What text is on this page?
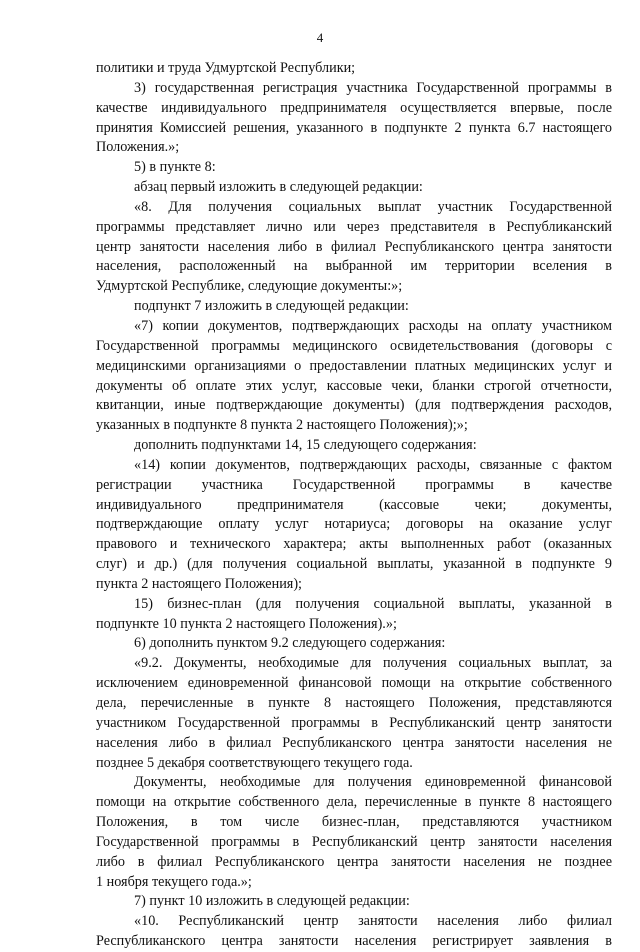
4
политики и труда Удмуртской Республики;
3) государственная регистрация участника Государственной программы в
качестве индивидуального предпринимателя осуществляется впервые, после
принятия Комиссией решения, указанного в подпункте 2 пункта 6.7 настоящего
Положения.»;
5) в пункте 8:
абзац первый изложить в следующей редакции:
«8. Для получения социальных выплат участник Государственной
программы представляет лично или через представителя в Республиканский
центр занятости населения либо в филиал Республиканского центра занятости
населения, расположенный на выбранной им территории вселения в
Удмуртской Республике, следующие документы:»;
подпункт 7 изложить в следующей редакции:
«7) копии документов, подтверждающих расходы на оплату участником
Государственной программы медицинского освидетельствования (договоры с
медицинскими организациями о предоставлении платных медицинских услуг и
документы об оплате этих услуг, кассовые чеки, бланки строгой отчетности,
квитанции, иные подтверждающие документы) (для подтверждения расходов,
указанных в подпункте 8 пункта 2 настоящего Положения);»;
дополнить подпунктами 14, 15 следующего содержания:
«14) копии документов, подтверждающих расходы, связанные с фактом
регистрации участника Государственной программы в качестве
индивидуального предпринимателя (кассовые чеки; документы,
подтверждающие оплату услуг нотариуса; договоры на оказание услуг
правового и технического характера; акты выполненных работ (оказанных
слуг) и др.) (для получения социальной выплаты, указанной в подпункте 9
пункта 2 настоящего Положения);
15) бизнес-план (для получения социальной выплаты, указанной в
подпункте 10 пункта 2 настоящего Положения).»;
6) дополнить пунктом 9.2 следующего содержания:
«9.2. Документы, необходимые для получения социальных выплат, за
исключением единовременной финансовой помощи на открытие собственного
дела, перечисленные в пункте 8 настоящего Положения, представляются
участником Государственной программы в Республиканский центр занятости
населения либо в филиал Республиканского центра занятости населения не
позднее 5 декабря соответствующего текущего года.
Документы, необходимые для получения единовременной финансовой
помощи на открытие собственного дела, перечисленные в пункте 8 настоящего
Положения, в том числе бизнес-план, представляются участником
Государственной программы в Республиканский центр занятости населения
либо в филиал Республиканского центра занятости населения не позднее
1 ноября текущего года.»;
7) пункт 10 изложить в следующей редакции:
«10. Республиканский центр занятости населения либо филиал
Республиканского центра занятости населения регистрирует заявления в
